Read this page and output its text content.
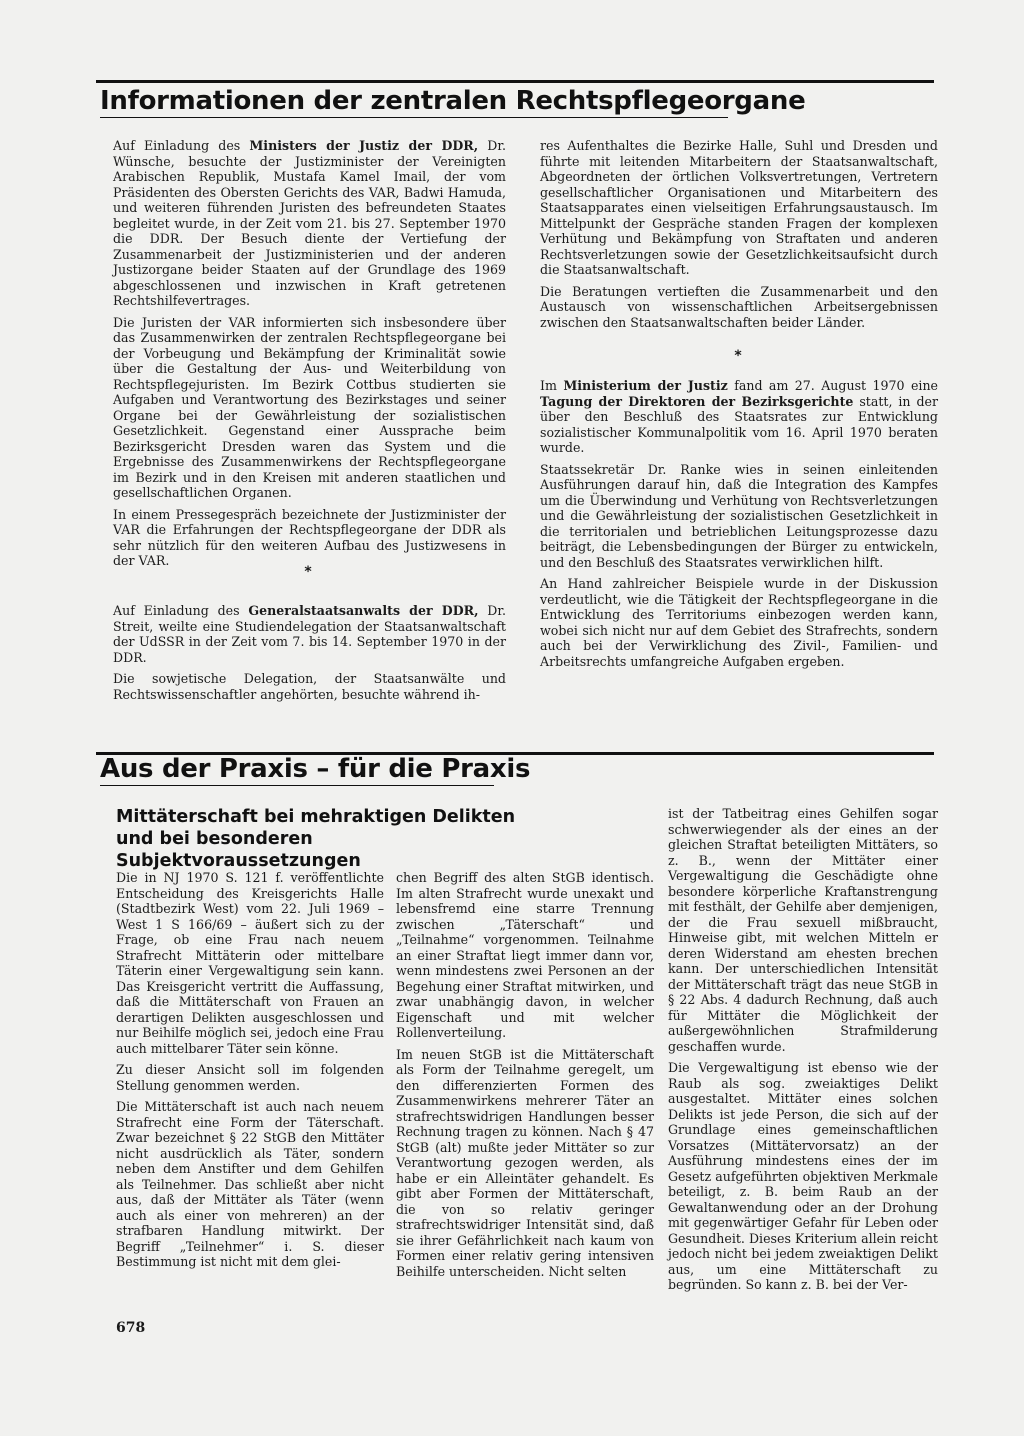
Informationen der zentralen Rechtspflegeorgane

Auf Einladung des Ministers der Justiz der DDR, Dr. Wünsche, besuchte der Justizminister der Vereinigten Arabischen Republik, Mustafa Kamel Imail, der vom Präsidenten des Obersten Gerichts des VAR, Badwi Hamuda, und weiteren führenden Juristen des befreundeten Staates begleitet wurde, in der Zeit vom 21. bis 27. September 1970 die DDR. Der Besuch diente der Vertiefung der Zusammenarbeit der Justizministerien und der anderen Justizorgane beider Staaten auf der Grundlage des 1969 abgeschlossenen und inzwischen in Kraft getretenen Rechtshilfevertrages.

Die Juristen der VAR informierten sich insbesondere über das Zusammenwirken der zentralen Rechtspflegeorgane bei der Vorbeugung und Bekämpfung der Kriminalität sowie über die Gestaltung der Aus- und Weiterbildung von Rechtspflegejuristen. Im Bezirk Cottbus studierten sie Aufgaben und Verantwortung des Bezirkstages und seiner Organe bei der Gewährleistung der sozialistischen Gesetzlichkeit. Gegenstand einer Aussprache beim Bezirksgericht Dresden waren das System und die Ergebnisse des Zusammenwirkens der Rechtspflegeorgane im Bezirk und in den Kreisen mit anderen staatlichen und gesellschaftlichen Organen.

In einem Pressegespräch bezeichnete der Justizminister der VAR die Erfahrungen der Rechtspflegeorgane der DDR als sehr nützlich für den weiteren Aufbau des Justizwesens in der VAR.

*

Auf Einladung des Generalstaatsanwalts der DDR, Dr. Streit, weilte eine Studiendelegation der Staatsanwaltschaft der UdSSR in der Zeit vom 7. bis 14. September 1970 in der DDR.

Die sowjetische Delegation, der Staatsanwälte und Rechtswissenschaftler angehörten, besuchte während ih-

res Aufenthaltes die Bezirke Halle, Suhl und Dresden und führte mit leitenden Mitarbeitern der Staatsanwaltschaft, Abgeordneten der örtlichen Volksvertretungen, Vertretern gesellschaftlicher Organisationen und Mitarbeitern des Staatsapparates einen vielseitigen Erfahrungsaustausch. Im Mittelpunkt der Gespräche standen Fragen der komplexen Verhütung und Bekämpfung von Straftaten und anderen Rechtsverletzungen sowie der Gesetzlichkeitsaufsicht durch die Staatsanwaltschaft.

Die Beratungen vertieften die Zusammenarbeit und den Austausch von wissenschaftlichen Arbeitsergebnissen zwischen den Staatsanwaltschaften beider Länder.

*

Im Ministerium der Justiz fand am 27. August 1970 eine Tagung der Direktoren der Bezirksgerichte statt, in der über den Beschluß des Staatsrates zur Entwicklung sozialistischer Kommunalpolitik vom 16. April 1970 beraten wurde.

Staatssekretär Dr. Ranke wies in seinen einleitenden Ausführungen darauf hin, daß die Integration des Kampfes um die Überwindung und Verhütung von Rechtsverletzungen und die Gewährleistung der sozialistischen Gesetzlichkeit in die territorialen und betrieblichen Leitungsprozesse dazu beiträgt, die Lebensbedingungen der Bürger zu entwickeln, und den Beschluß des Staatsrates verwirklichen hilft.

An Hand zahlreicher Beispiele wurde in der Diskussion verdeutlicht, wie die Tätigkeit der Rechtspflegeorgane in die Entwicklung des Territoriums einbezogen werden kann, wobei sich nicht nur auf dem Gebiet des Strafrechts, sondern auch bei der Verwirklichung des Zivil-, Familien- und Arbeitsrechts umfangreiche Aufgaben ergeben.

Aus der Praxis – für die Praxis
Mittäterschaft bei mehraktigen Delikten
und bei besonderen Subjektvoraussetzungen

Die in NJ 1970 S. 121 f. veröffentlichte Entscheidung des Kreisgerichts Halle (Stadtbezirk West) vom 22. Juli 1969 – West 1 S 166/69 – äußert sich zu der Frage, ob eine Frau nach neuem Strafrecht Mittäterin oder mittelbare Täterin einer Vergewaltigung sein kann. Das Kreisgericht vertritt die Auffassung, daß die Mittäterschaft von Frauen an derartigen Delikten ausgeschlossen und nur Beihilfe möglich sei, jedoch eine Frau auch mittelbarer Täter sein könne.

Zu dieser Ansicht soll im folgenden Stellung genommen werden.

Die Mittäterschaft ist auch nach neuem Strafrecht eine Form der Täterschaft. Zwar bezeichnet § 22 StGB den Mittäter nicht ausdrücklich als Täter, sondern neben dem Anstifter und dem Gehilfen als Teilnehmer. Das schließt aber nicht aus, daß der Mittäter als Täter (wenn auch als einer von mehreren) an der strafbaren Handlung mitwirkt. Der Begriff „Teilnehmer“ i. S. dieser Bestimmung ist nicht mit dem glei-

chen Begriff des alten StGB identisch. Im alten Strafrecht wurde unexakt und lebensfremd eine starre Trennung zwischen „Täterschaft“ und „Teilnahme“ vorgenommen. Teilnahme an einer Straftat liegt immer dann vor, wenn mindestens zwei Personen an der Begehung einer Straftat mitwirken, und zwar unabhängig davon, in welcher Eigenschaft und mit welcher Rollenverteilung.

Im neuen StGB ist die Mittäterschaft als Form der Teilnahme geregelt, um den differenzierten Formen des Zusammenwirkens mehrerer Täter an strafrechtswidrigen Handlungen besser Rechnung tragen zu können. Nach § 47 StGB (alt) mußte jeder Mittäter so zur Verantwortung gezogen werden, als habe er ein Alleintäter gehandelt. Es gibt aber Formen der Mittäterschaft, die von so relativ geringer strafrechtswidriger Intensität sind, daß sie ihrer Gefährlichkeit nach kaum von Formen einer relativ gering intensiven Beihilfe unterscheiden. Nicht selten

ist der Tatbeitrag eines Gehilfen sogar schwerwiegender als der eines an der gleichen Straftat beteiligten Mittäters, so z. B., wenn der Mittäter einer Vergewaltigung die Geschädigte ohne besondere körperliche Kraftanstrengung mit festhält, der Gehilfe aber demjenigen, der die Frau sexuell mißbraucht, Hinweise gibt, mit welchen Mitteln er deren Widerstand am ehesten brechen kann. Der unterschiedlichen Intensität der Mittäterschaft trägt das neue StGB in § 22 Abs. 4 dadurch Rechnung, daß auch für Mittäter die Möglichkeit der außergewöhnlichen Strafmilderung geschaffen wurde.

Die Vergewaltigung ist ebenso wie der Raub als sog. zweiaktiges Delikt ausgestaltet. Mittäter eines solchen Delikts ist jede Person, die sich auf der Grundlage eines gemeinschaftlichen Vorsatzes (Mittätervorsatz) an der Ausführung mindestens eines der im Gesetz aufgeführten objektiven Merkmale beteiligt, z. B. beim Raub an der Gewaltanwendung oder an der Drohung mit gegenwärtiger Gefahr für Leben oder Gesundheit. Dieses Kriterium allein reicht jedoch nicht bei jedem zweiaktigen Delikt aus, um eine Mittäterschaft zu begründen. So kann z. B. bei der Ver-

678
